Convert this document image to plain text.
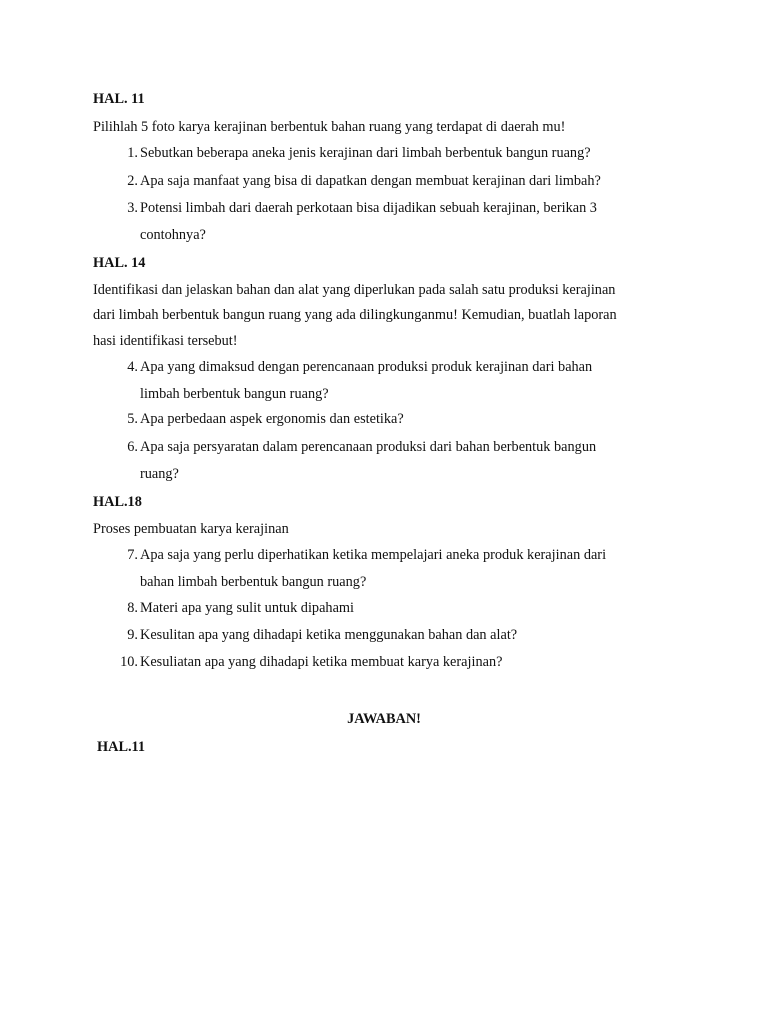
HAL. 11
Pilihlah 5 foto karya kerajinan berbentuk bahan ruang yang terdapat di daerah mu!
1. Sebutkan beberapa aneka jenis kerajinan dari limbah berbentuk bangun ruang?
2. Apa saja manfaat yang bisa di dapatkan dengan membuat kerajinan dari limbah?
3. Potensi limbah dari daerah perkotaan bisa dijadikan sebuah kerajinan, berikan 3
contohnya?
HAL. 14
Identifikasi dan jelaskan bahan dan alat yang diperlukan pada salah satu produksi kerajinan
dari limbah berbentuk bangun ruang yang ada dilingkunganmu! Kemudian, buatlah laporan
hasi identifikasi tersebut!
4. Apa yang dimaksud dengan perencanaan produksi produk kerajinan dari bahan
limbah berbentuk bangun ruang?
5. Apa perbedaan aspek ergonomis dan estetika?
6. Apa saja persyaratan dalam perencanaan produksi dari bahan berbentuk bangun
ruang?
HAL.18
Proses pembuatan karya kerajinan
7. Apa saja yang perlu diperhatikan ketika mempelajari aneka produk kerajinan dari
bahan limbah berbentuk bangun ruang?
8. Materi apa yang sulit untuk dipahami
9. Kesulitan apa yang dihadapi ketika menggunakan bahan dan alat?
10. Kesuliatan apa yang dihadapi ketika membuat karya kerajinan?
JAWABAN!
HAL.11
